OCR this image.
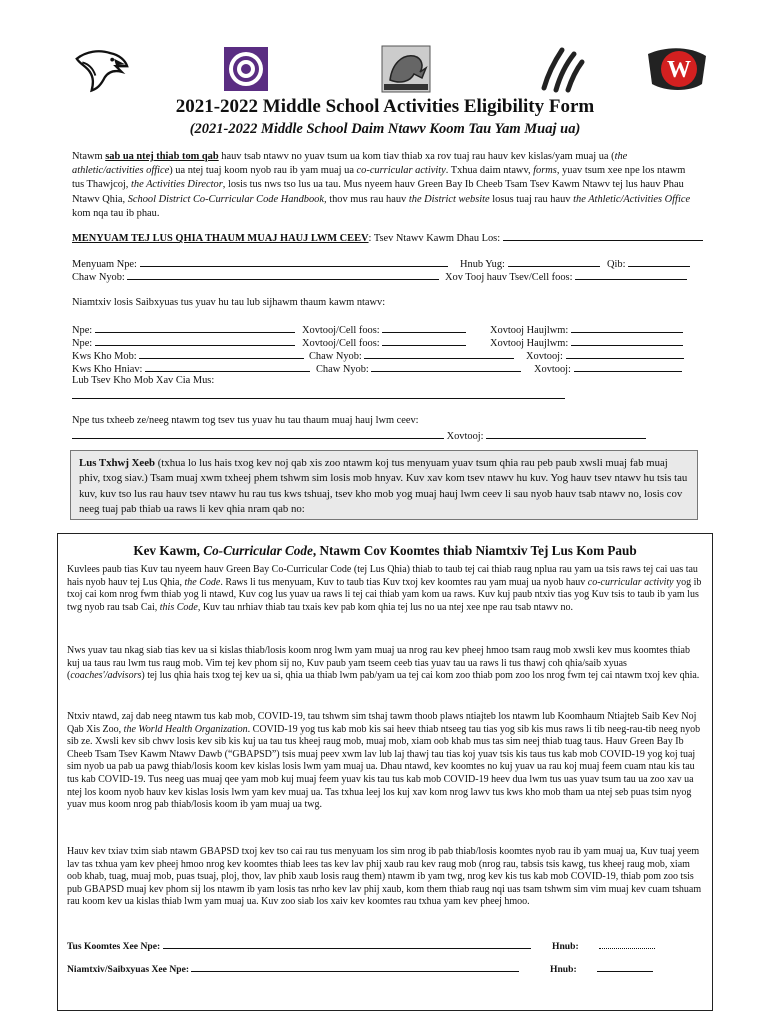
W
2021-2022 Middle School Activities Eligibility Form
(2021-2022 Middle School Daim Ntawv Koom Tau Yam Muaj ua)
Ntawm sab ua ntej thiab tom qab hauv tsab ntawv no yuav tsum ua kom tiav thiab xa rov tuaj rau hauv kev kislas/yam muaj ua (the athletic/activities office) ua ntej tuaj koom nyob rau ib yam muaj ua co-curricular activity. Txhua daim ntawv, forms, yuav tsum xee npe los ntawm tus Thawjcoj, the Activities Director, losis tus nws tso lus ua tau. Mus nyeem hauv Green Bay Ib Cheeb Tsam Tsev Kawm Ntawv tej lus hauv Phau Ntawv Qhia, School District Co-Curricular Code Handbook, thov mus rau hauv the District website losus tuaj rau hauv the Athletic/Activities Office kom nqa tau ib phau.
MENYUAM TEJ LUS QHIA THAUM MUAJ HAUJ LWM CEEV: Tsev Ntawv Kawm Dhau Los:
Menyuam Npe:	Hnub Yug:	Qib:
Chaw Nyob:	Xov Tooj hauv Tsev/Cell foos:
Niamtxiv losis Saibxyuas tus yuav hu tau lub sijhawm thaum kawm ntawv:
Npe:	Xovtooj/Cell foos:	Xovtooj Haujlwm:
Npe:	Xovtooj/Cell foos:	Xovtooj Haujlwm:
Kws Kho Mob:	Chaw Nyob:	Xovtooj:
Kws Kho Hniav:	Chaw Nyob:	Xovtooj:
Lub Tsev Kho Mob Xav Cia Mus:
Npe tus txheeb ze/neeg ntawm tog tsev tus yuav hu tau thaum muaj hauj lwm ceev:
Xovtooj:
Lus Txhwj Xeeb (txhua lo lus hais txog kev noj qab xis zoo ntawm koj tus menyuam yuav tsum qhia rau peb paub xwsli muaj fab muaj phiv, txog siav.) Tsam muaj xwm txheej phem tshwm sim losis mob hnyav. Kuv xav kom tsev ntawv hu kuv. Yog hauv tsev ntawv hu tsis tau kuv, kuv tso lus rau hauv tsev ntawv hu rau tus kws tshuaj, tsev kho mob yog muaj hauj lwm ceev li sau nyob hauv tsab ntawv no, losis cov neeg tuaj pab thiab ua raws li kev qhia nram qab no:
Kev Kawm, Co-Curricular Code, Ntawm Cov Koomtes thiab Niamtxiv Tej Lus Kom Paub
Kuvlees paub tias Kuv tau nyeem hauv Green Bay Co-Curricular Code (tej Lus Qhia) thiab to taub tej cai thiab raug nplua rau yam ua tsis raws tej cai uas tau hais nyob hauv tej Lus Qhia, the Code. Raws li tus menyuam, Kuv to taub tias Kuv txoj kev koomtes rau yam muaj ua nyob hauv co-curricular activity yog ib txoj cai kom nrog fwm thiab yog li ntawd, Kuv cog lus yuav ua raws li tej cai thiab yam kom ua raws. Kuv kuj paub ntxiv tias yog Kuv tsis to taub ib yam lus twg nyob rau tsab Cai, this Code, Kuv tau nrhiav thiab tau txais kev pab kom qhia tej lus no ua ntej xee npe rau tsab ntawv no.
Nws yuav tau nkag siab tias kev ua si kislas thiab/losis koom nrog lwm yam muaj ua nrog rau kev pheej hmoo tsam raug mob xwsli kev mus koomtes thiab kuj ua taus rau lwm tus raug mob. Vim tej kev phom sij no, Kuv paub yam tseem ceeb tias yuav tau ua raws li tus thawj coh qhia/saib xyuas (coaches'/advisors) tej lus qhia hais txog tej kev ua si, qhia ua thiab lwm pab/yam ua tej cai kom zoo thiab pom zoo los nrog fwm tej cai ntawm txoj kev qhia.
Ntxiv ntawd, zaj dab neeg ntawm tus kab mob, COVID-19, tau tshwm sim tshaj tawm thoob plaws ntiajteb los ntawm lub Koomhaum Ntiajteb Saib Kev Noj Qab Xis Zoo, the World Health Organization. COVID-19 yog tus kab mob kis sai heev thiab ntseeg tau tias yog sib kis mus raws li tib neeg-rau-tib neeg nyob sib ze. Xwsli kev sib chwv losis kev sib kis kuj ua tau tus kheej raug mob, muaj mob, xiam oob khab mus tas sim neej thiab tuag taus. Hauv Green Bay Ib Cheeb Tsam Tsev Kawm Ntawv Dawb (“GBAPSD”) tsis muaj peev xwm lav lub laj thawj tau tias koj yuav tsis kis taus tus kab mob COVID-19 yog koj tuaj sim nyob ua pab ua pawg thiab/losis koom kev kislas losis lwm yam muaj ua. Dhau ntawd, kev koomtes no kuj yuav ua rau koj muaj feem cuam ntau kis tau tus kab COVID-19. Tus neeg uas muaj qee yam mob kuj muaj feem yuav kis tau tus kab mob COVID-19 heev dua lwm tus uas yuav tsum tau ua zoo xav ua ntej los koom nyob hauv kev kislas losis lwm yam kev muaj ua. Tas txhua leej los kuj xav kom nrog lawv tus kws kho mob tham ua ntej seb puas tsim nyog yuav mus koom nrog pab thiab/losis koom ib yam muaj ua twg.
Hauv kev txiav txim siab ntawm GBAPSD txoj kev tso cai rau tus menyuam los sim nrog ib pab thiab/losis koomtes nyob rau ib yam muaj ua, Kuv tuaj yeem lav tas txhua yam kev pheej hmoo nrog kev koomtes thiab lees tas kev lav phij xaub rau kev raug mob (nrog rau, tabsis tsis kawg, tus kheej raug mob, xiam oob khab, tuag, muaj mob, puas tsuaj, ploj, thov, lav phib xaub losis raug them) ntawm ib yam twg, nrog kev kis tus kab mob COVID-19, thiab pom zoo tsis pub GBAPSD muaj kev phom sij los ntawm ib yam losis tas nrho kev lav phij xaub, kom them thiab raug nqi uas tsam tshwm sim vim muaj kev cuam tshuam rau koom kev ua kislas thiab lwm yam muaj ua. Kuv zoo siab los xaiv kev koomtes rau txhua yam kev pheej hmoo.
Tus Koomtes Xee Npe:	Hnub:
Niamtxiv/Saibxyuas Xee Npe:	Hnub:
